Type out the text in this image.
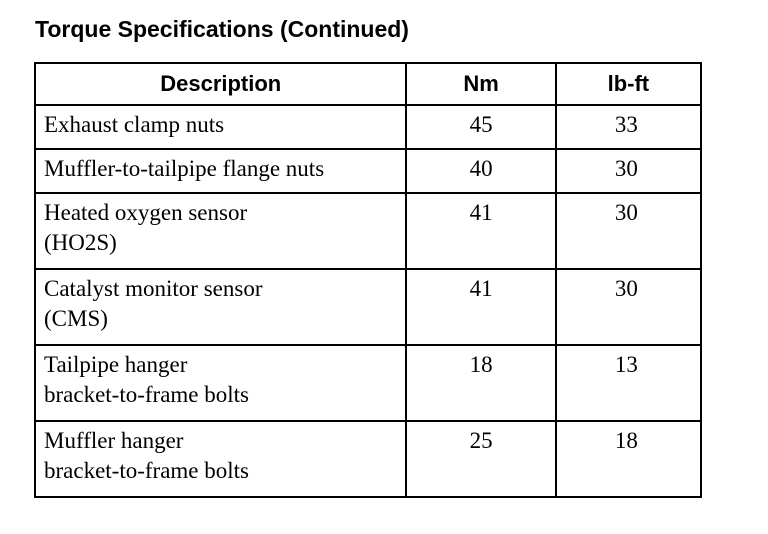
Torque Specifications (Continued)
Description	Nm	lb-ft

Exhaust clamp nuts	45	33

Muffler-to-tailpipe flange nuts	40	30

Heated oxygen sensor
(HO2S)	41	30

Catalyst monitor sensor
(CMS)	41	30

Tailpipe hanger
bracket-to-frame bolts	18	13

Muffler hanger
bracket-to-frame bolts	25	18
